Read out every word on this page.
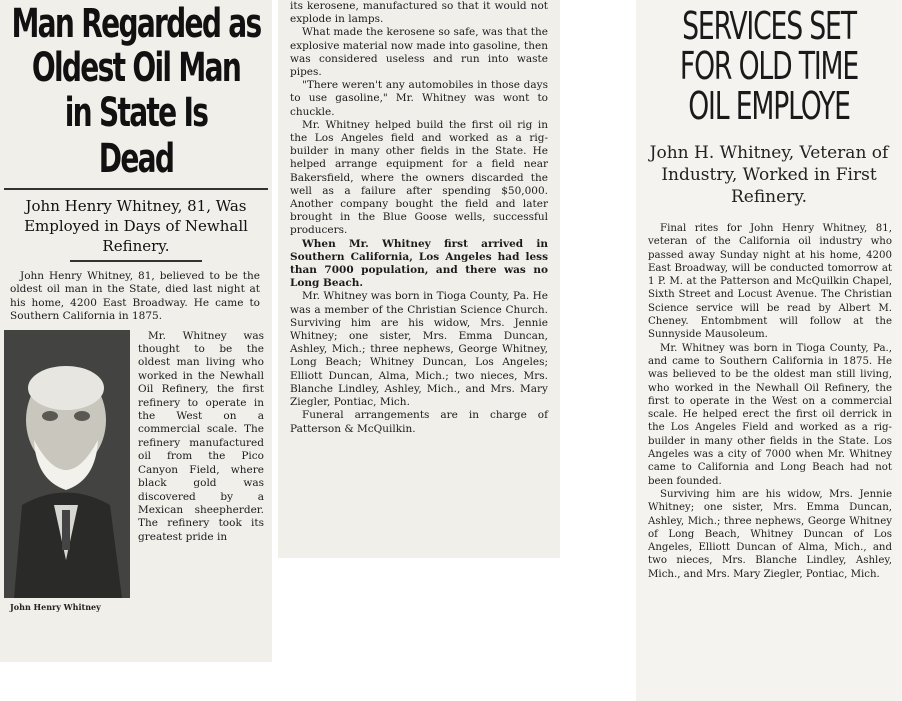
Man Regarded as

Oldest Oil Man

in State Is Dead

John Henry Whitney, 81, Was Employed in Days of Newhall Refinery.

John Henry Whitney, 81, believed to be the oldest oil man in the State, died last night at his home, 4200 East Broadway. He came to Southern California in 1875.

John Henry Whitney

Mr. Whitney was thought to be the oldest man living who worked in the Newhall Oil Refinery, the first refinery to operate in the West on a commercial scale. The refinery manufactured oil from the Pico Canyon Field, where black gold was discovered by a Mexican sheepherder. The refinery took its greatest pride in

its kerosene, manufactured so that it would not explode in lamps.

What made the kerosene so safe, was that the explosive material now made into gasoline, then was considered useless and run into waste pipes.

"There weren't any automobiles in those days to use gasoline," Mr. Whitney was wont to chuckle.

Mr. Whitney helped build the first oil rig in the Los Angeles field and worked as a rig-builder in many other fields in the State. He helped arrange equipment for a field near Bakersfield, where the owners discarded the well as a failure after spending $50,000. Another company bought the field and later brought in the Blue Goose wells, successful producers.

When Mr. Whitney first arrived in Southern California, Los Angeles had less than 7000 population, and there was no Long Beach.

Mr. Whitney was born in Tioga County, Pa. He was a member of the Christian Science Church. Surviving him are his widow, Mrs. Jennie Whitney; one sister, Mrs. Emma Duncan, Ashley, Mich.; three nephews, George Whitney, Long Beach; Whitney Duncan, Los Angeles; Elliott Duncan, Alma, Mich.; two nieces, Mrs. Blanche Lindley, Ashley, Mich., and Mrs. Mary Ziegler, Pontiac, Mich.

Funeral arrangements are in charge of Patterson & McQuilkin.

SERVICES SET

FOR OLD TIME

OIL EMPLOYE

John H. Whitney, Veteran of Industry, Worked in First Refinery.

Final rites for John Henry Whitney, 81, veteran of the California oil industry who passed away Sunday night at his home, 4200 East Broadway, will be conducted tomorrow at 1 P. M. at the Patterson and McQuilkin Chapel, Sixth Street and Locust Avenue. The Christian Science service will be read by Albert M. Cheney. Entombment will follow at the Sunnyside Mausoleum.

Mr. Whitney was born in Tioga County, Pa., and came to Southern California in 1875. He was believed to be the oldest man still living, who worked in the Newhall Oil Refinery, the first to operate in the West on a commercial scale. He helped erect the first oil derrick in the Los Angeles Field and worked as a rig-builder in many other fields in the State. Los Angeles was a city of 7000 when Mr. Whitney came to California and Long Beach had not been founded.

Surviving him are his widow, Mrs. Jennie Whitney; one sister, Mrs. Emma Duncan, Ashley, Mich.; three nephews, George Whitney of Long Beach, Whitney Duncan of Los Angeles, Elliott Duncan of Alma, Mich., and two nieces, Mrs. Blanche Lindley, Ashley, Mich., and Mrs. Mary Ziegler, Pontiac, Mich.
